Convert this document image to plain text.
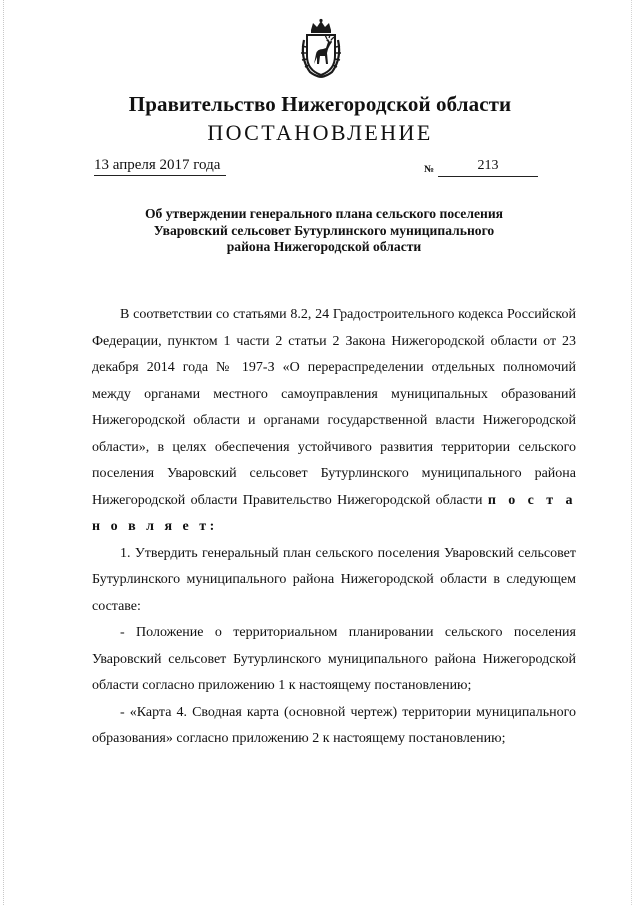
Правительство Нижегородской области
ПОСТАНОВЛЕНИЕ
13 апреля 2017 года	№	213
Об утверждении генерального плана сельского поселения
Уваровский сельсовет Бутурлинского муниципального
района Нижегородской области

В соответствии со статьями 8.2, 24 Градостроительного кодекса Российской Федерации, пунктом 1 части 2 статьи 2 Закона Нижегородской области от 23 декабря 2014 года № 197-З «О перераспределении отдельных полномочий между органами местного самоуправления муниципальных образований Нижегородской области и органами государственной власти Нижегородской области», в целях обеспечения устойчивого развития территории сельского поселения Уваровский сельсовет Бутурлинского муниципального района Нижегородской области Правительство Нижегородской области п о с т а н о в л я е т:

1. Утвердить генеральный план сельского поселения Уваровский сельсовет Бутурлинского муниципального района Нижегородской области в следующем составе:

- Положение о территориальном планировании сельского поселения Уваровский сельсовет Бутурлинского муниципального района Нижегородской области согласно приложению 1 к настоящему постановлению;

- «Карта 4. Сводная карта (основной чертеж) территории муниципального образования» согласно приложению 2 к настоящему постановлению;
